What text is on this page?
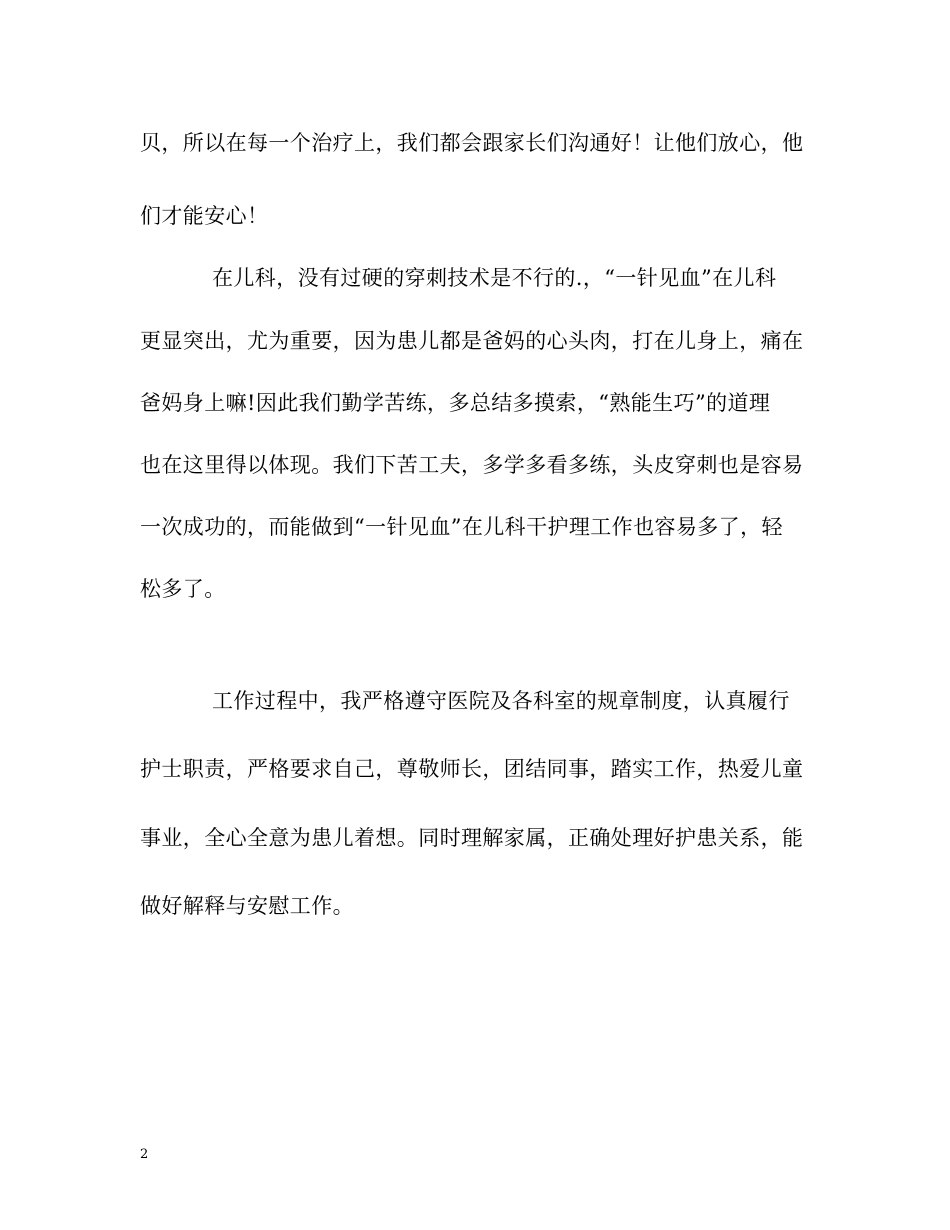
贝，所以在每一个治疗上，我们都会跟家长们沟通好！让他们放心，他
们才能安心！
在儿科，没有过硬的穿刺技术是不行的.，“一针见血”在儿科
更显突出，尤为重要，因为患儿都是爸妈的心头肉，打在儿身上，痛在
爸妈身上嘛!因此我们勤学苦练，多总结多摸索，“熟能生巧”的道理
也在这里得以体现。我们下苦工夫，多学多看多练，头皮穿刺也是容易
一次成功的，而能做到“一针见血”在儿科干护理工作也容易多了，轻
松多了。
工作过程中，我严格遵守医院及各科室的规章制度，认真履行
护士职责，严格要求自己，尊敬师长，团结同事，踏实工作，热爱儿童
事业，全心全意为患儿着想。同时理解家属，正确处理好护患关系，能
做好解释与安慰工作。
2
